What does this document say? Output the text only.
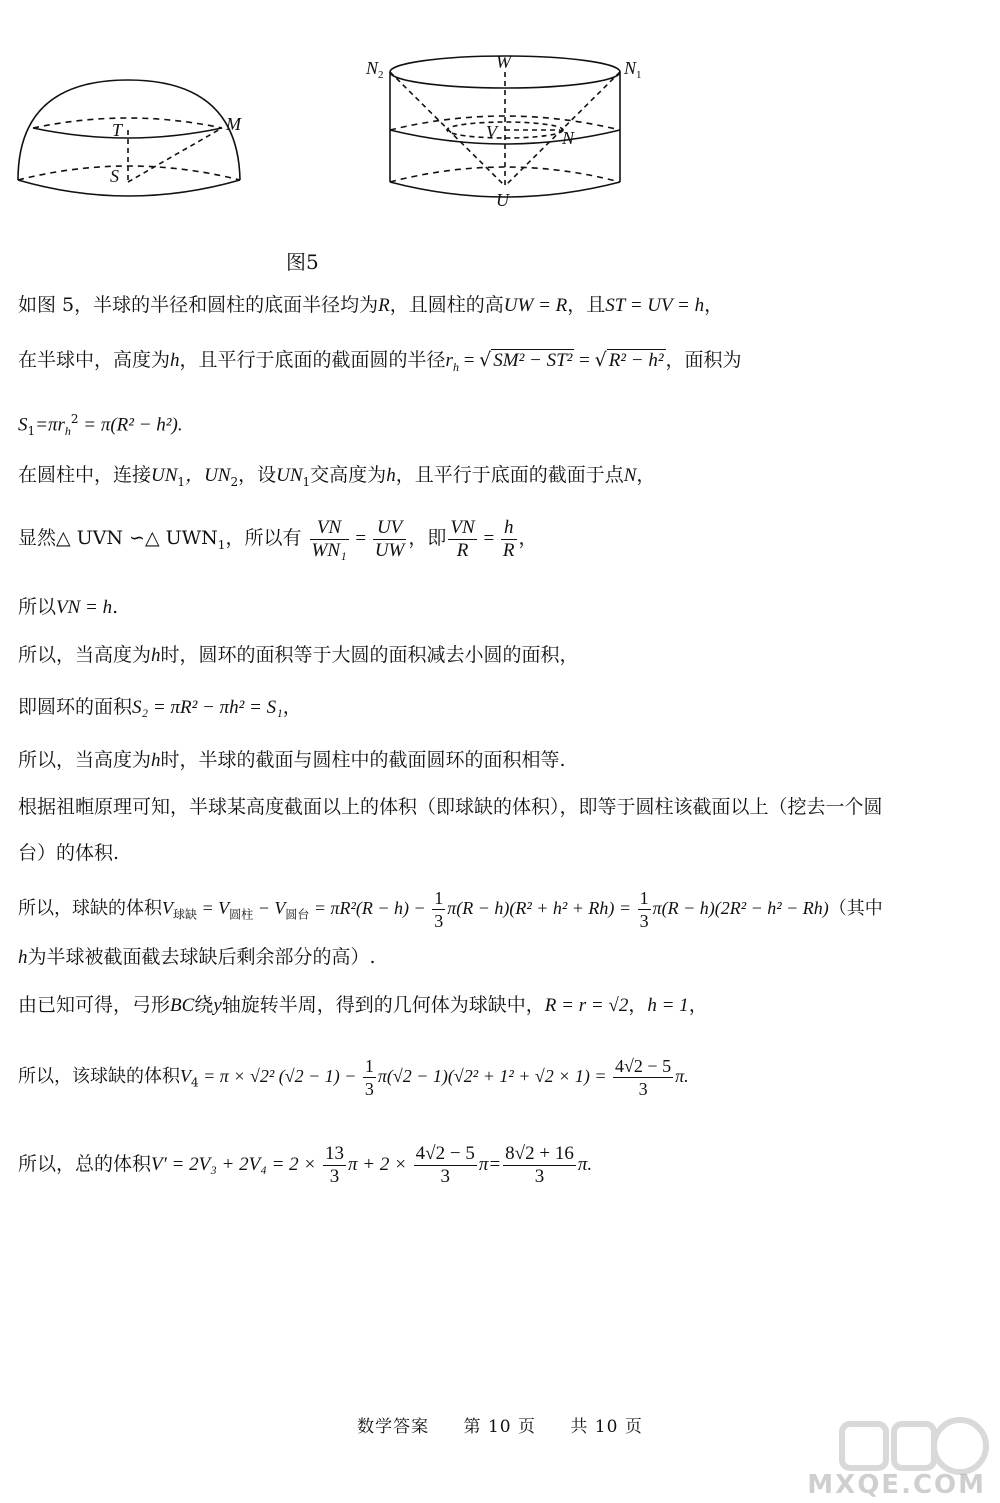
T	M
S
$N_2$
W	$N_1$
V	N
U
图5
如图 5，半球的半径和圆柱的底面半径均为R，且圆柱的高UW = R，且ST = UV = h，
在半球中，高度为h，且平行于底面的截面圆的半径$r_h$ = √ SM² − ST² = √ R² − h² ，面积为
$S_1=\pi r_h^2 = \pi(R^2 - h^2)$.
在圆柱中，连接$UN_1$，$UN_2$，设$UN_1$交高度为h，且平行于底面的截面于点N，
显然△ UVN ∽△ $UWN_1$，所以有 $\frac{VN}{\text{WN₁}} = \frac{UV}{UW}$ ，即 $\frac{VN}{R} = \frac{h}{R}$ ，
所以VN = h.
所以，当高度为h时，圆环的面积等于大圆的面积减去小圆的面积，
即圆环的面积S₂ = πR² − πh² = S₁，
所以，当高度为h时，半球的截面与圆柱中的截面圆环的面积相等.
根据祖暅原理可知，半球某高度截面以上的体积（即球缺的体积），即等于圆柱该截面以上（挖去一个圆
台）的体积.
所以，球缺的体积$V_{球缺} = V_{圆柱} - V_{圆台} = \pi R^2(R - h) - \frac{1}{3} \pi(R - h)(R^2 + h^2 + Rh) = \frac{1}{3} \pi(R - h)(2R^2 - h^2 - Rh)$（其中
h为半球被截面截去球缺后剩余部分的高）.
由已知可得，弓形BC绕y轴旋转半周，得到的几何体为球缺中，R = r = √2，h = 1，
所以，该球缺的体积$V_4 = \pi \times √2^2$ $(√2 - 1) - \frac{1}{3} \pi(√2 - 1)(√2^2 + 1^2 + √2 \times 1) = \frac{4√2 - 5}{3} \pi$.
所以，总的体积$V' = 2V_3 + 2V_4 = 2 \times \frac{13}{3}$ $\pi + 2 \times \frac{4√2 - 5}{3} \pi= \frac{8√2 + 16}{3} \pi$.
数学答案 第 10 页 共 10 页
MXQE.COM
